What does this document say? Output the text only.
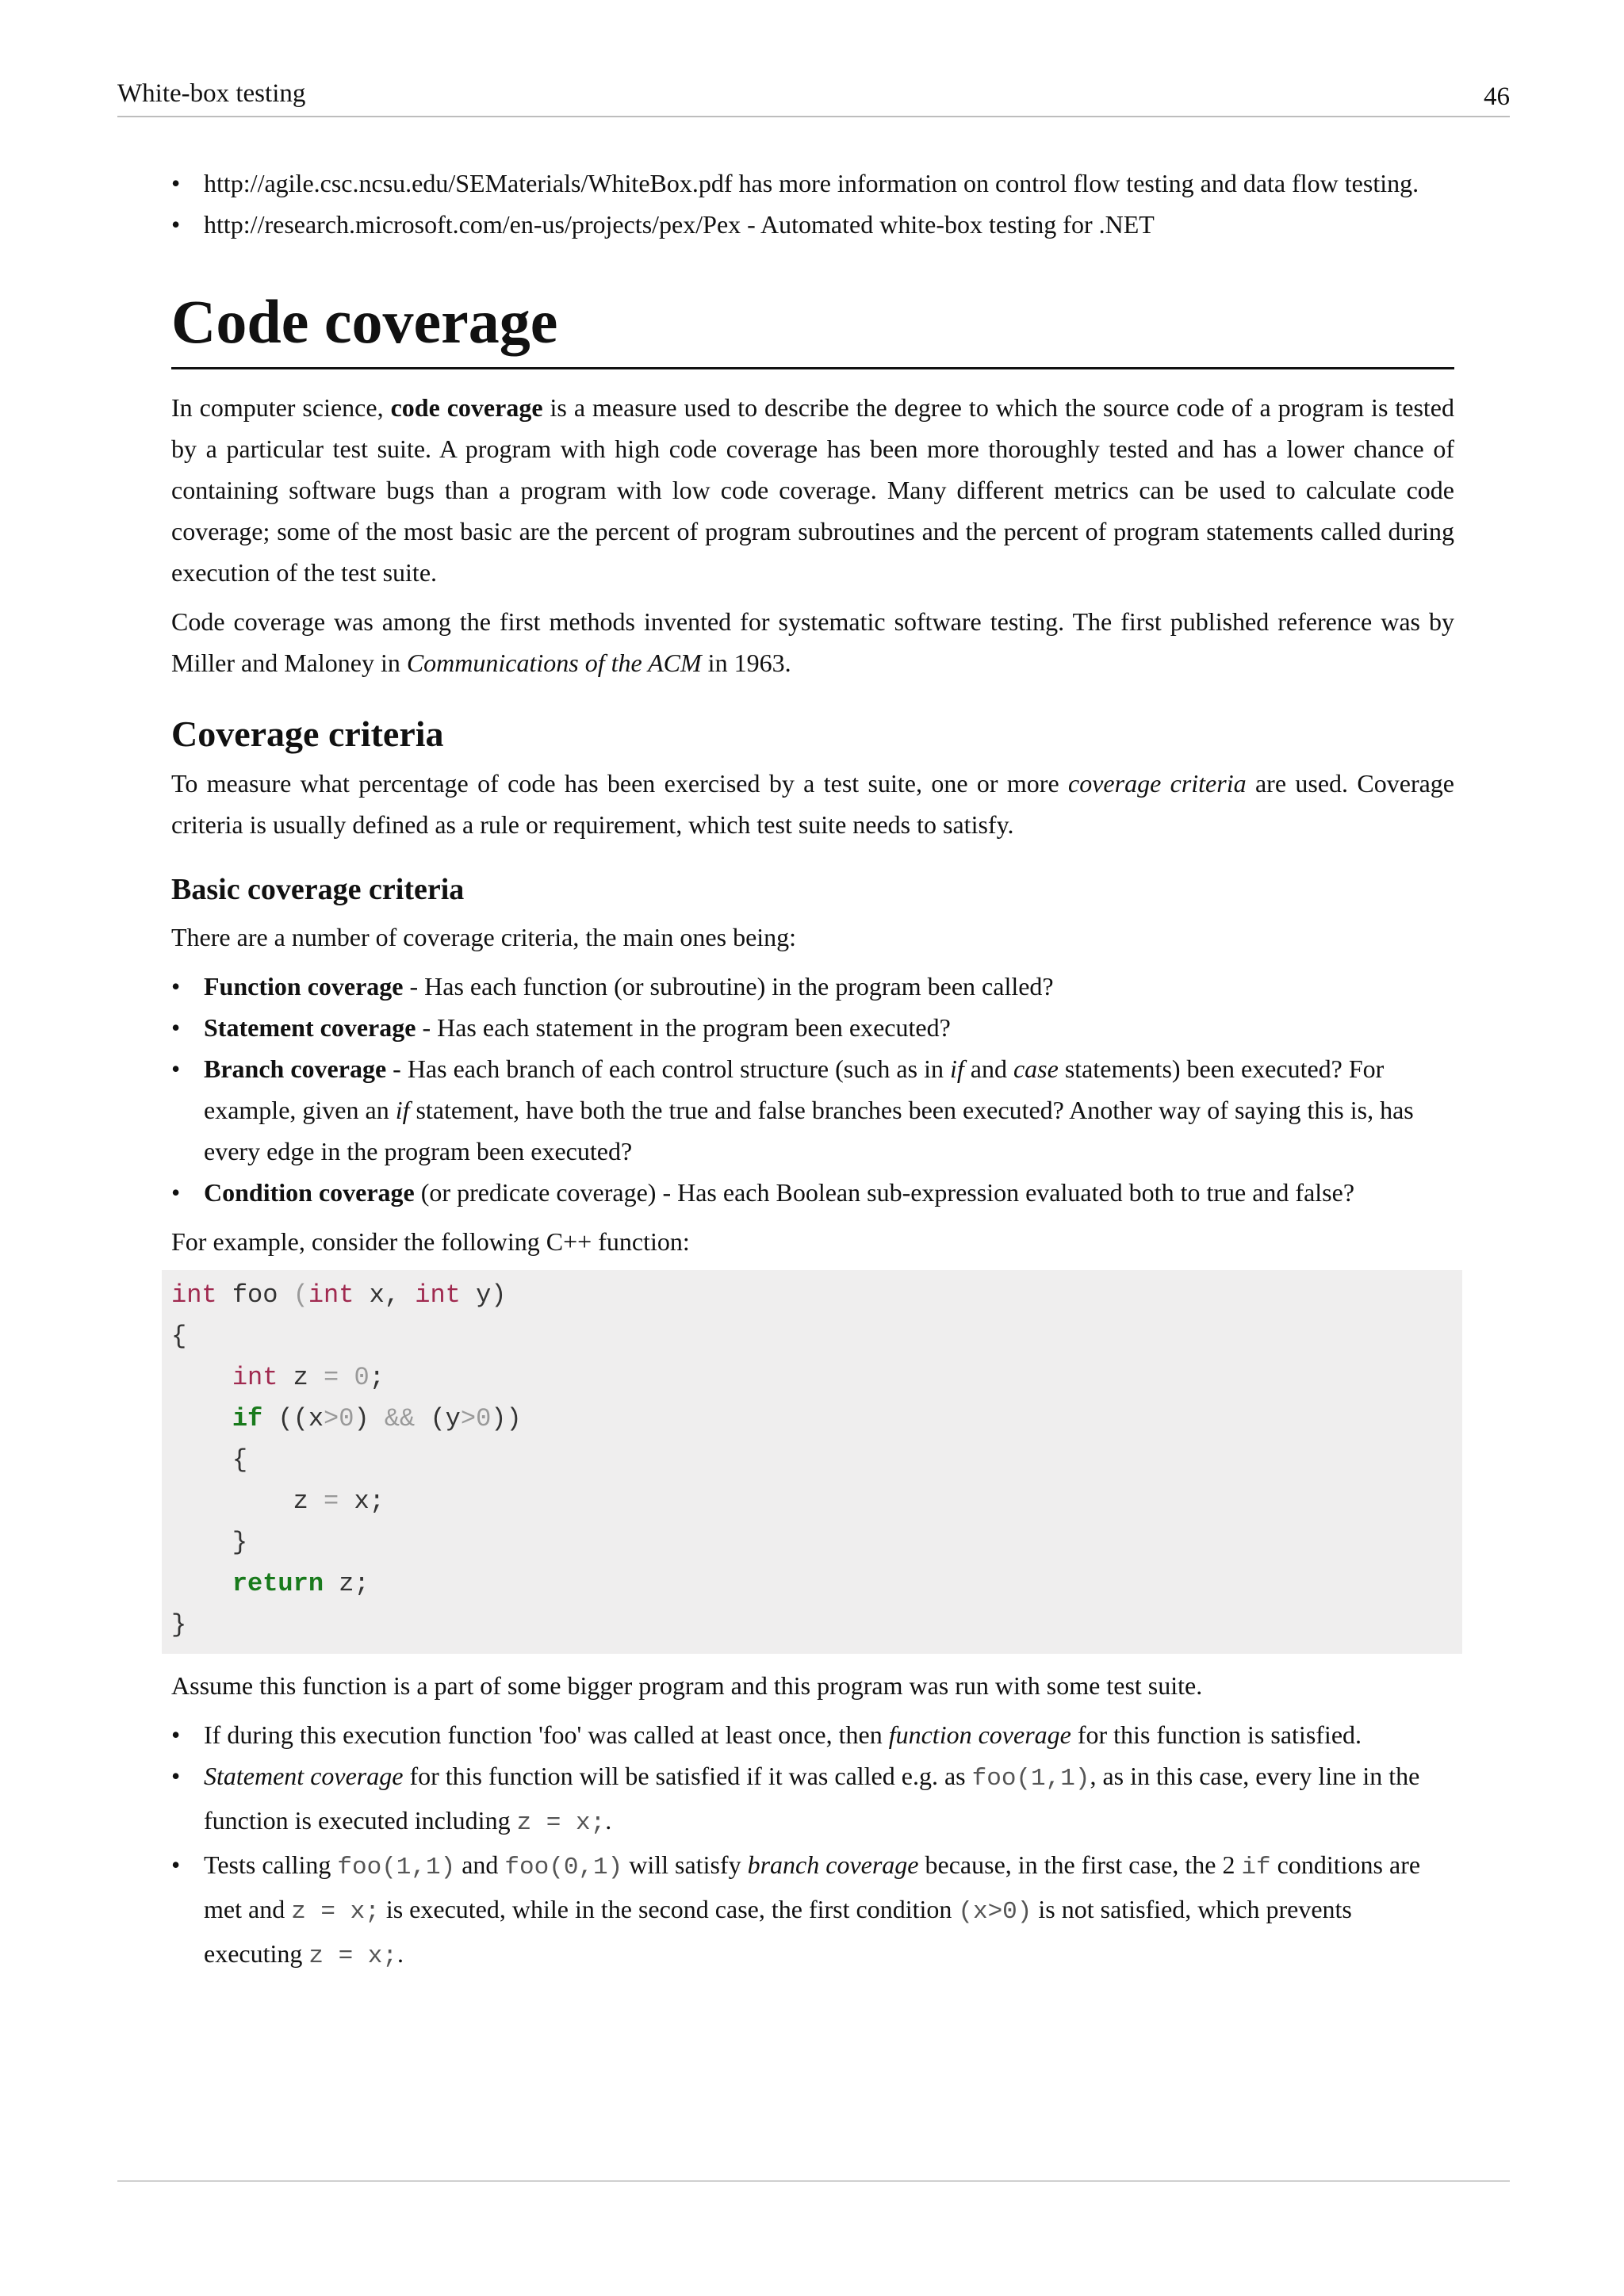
White-box testing	46
• http://agile.csc.ncsu.edu/SEMaterials/WhiteBox.pdf has more information on control flow testing and data flow testing.
• http://research.microsoft.com/en-us/projects/pex/Pex - Automated white-box testing for .NET
Code coverage

In computer science, code coverage is a measure used to describe the degree to which the source code of a program is tested by a particular test suite. A program with high code coverage has been more thoroughly tested and has a lower chance of containing software bugs than a program with low code coverage. Many different metrics can be used to calculate code coverage; some of the most basic are the percent of program subroutines and the percent of program statements called during execution of the test suite.

Code coverage was among the first methods invented for systematic software testing. The first published reference was by Miller and Maloney in Communications of the ACM in 1963.

Coverage criteria

To measure what percentage of code has been exercised by a test suite, one or more coverage criteria are used. Coverage criteria is usually defined as a rule or requirement, which test suite needs to satisfy.

Basic coverage criteria

There are a number of coverage criteria, the main ones being:

• Function coverage - Has each function (or subroutine) in the program been called?
• Statement coverage - Has each statement in the program been executed?
• Branch coverage - Has each branch of each control structure (such as in if and case statements) been executed? For example, given an if statement, have both the true and false branches been executed? Another way of saying this is, has every edge in the program been executed?
• Condition coverage (or predicate coverage) - Has each Boolean sub-expression evaluated both to true and false?

For example, consider the following C++ function:

int foo (int x, int y)
{
int z = 0;
if ((x>0) && (y>0))
{
z = x;
}
return z;
}

Assume this function is a part of some bigger program and this program was run with some test suite.

• If during this execution function 'foo' was called at least once, then function coverage for this function is satisfied.
• Statement coverage for this function will be satisfied if it was called e.g. as foo(1,1), as in this case, every line in the function is executed including z = x;.
• Tests calling foo(1,1) and foo(0,1) will satisfy branch coverage because, in the first case, the 2 if conditions are met and z = x; is executed, while in the second case, the first condition (x>0) is not satisfied, which prevents executing z = x;.
